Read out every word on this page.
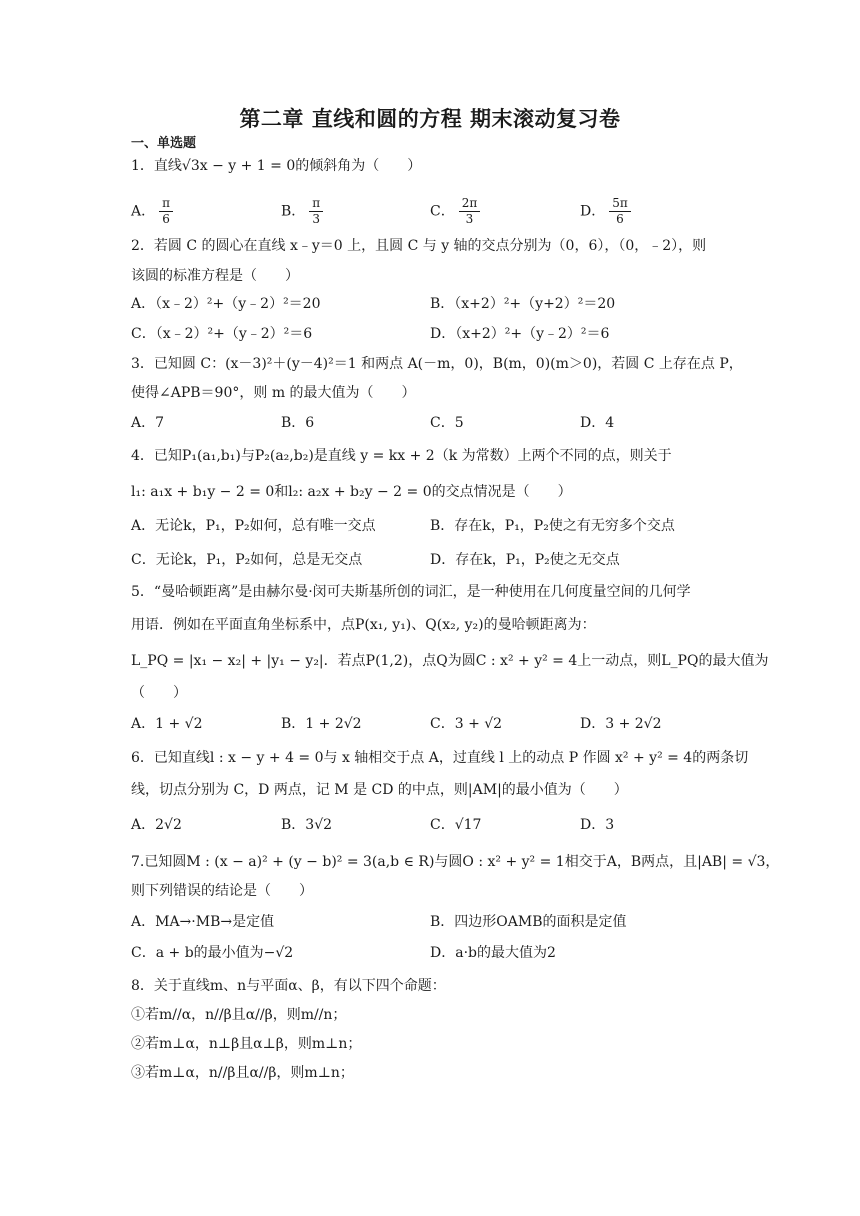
第二章 直线和圆的方程 期末滚动复习卷
一、单选题
1．直线√3x − y + 1 = 0的倾斜角为（　　）
A． $\frac{\pi}{6}$	B． $\frac{\pi}{3}$	C． $\frac{2\pi}{3}$	D． $\frac{5\pi}{6}$
2．若圆 C 的圆心在直线 x﹣y＝0 上，且圆 C 与 y 轴的交点分别为（0，6），（0，﹣2），则
该圆的标准方程是（　　）
A．（x﹣2）²+（y﹣2）²＝20	B．（x+2）²+（y+2）²＝20
C．（x﹣2）²+（y﹣2）²＝6	D．（x+2）²+（y﹣2）²＝6
3．已知圆 C：(x－3)²＋(y－4)²＝1 和两点 A(－m，0)，B(m，0)(m＞0)，若圆 C 上存在点 P，
使得∠APB＝90°，则 m 的最大值为（　　）
A．7	B．6	C．5	D．4
4．已知P₁(a₁,b₁)与P₂(a₂,b₂)是直线 y = kx + 2（k 为常数）上两个不同的点，则关于
l₁: a₁x + b₁y − 2 = 0和l₂: a₂x + b₂y − 2 = 0的交点情况是（　　）
A．无论k，P₁，P₂如何，总有唯一交点	B．存在k，P₁，P₂使之有无穷多个交点
C．无论k，P₁，P₂如何，总是无交点	D．存在k，P₁，P₂使之无交点
5．“曼哈顿距离”是由赫尔曼·闵可夫斯基所创的词汇，是一种使用在几何度量空间的几何学
用语．例如在平面直角坐标系中，点P(x₁, y₁)、Q(x₂, y₂)的曼哈顿距离为：
L_PQ = |x₁ − x₂| + |y₁ − y₂|．若点P(1,2)，点Q为圆C : x² + y² = 4上一动点，则L_PQ的最大值为
（　　）
A．1 + √2	B．1 + 2√2	C．3 + √2	D．3 + 2√2
6．已知直线l : x − y + 4 = 0与 x 轴相交于点 A，过直线 l 上的动点 P 作圆 x² + y² = 4的两条切
线，切点分别为 C，D 两点，记 M 是 CD 的中点，则|AM|的最小值为（　　）
A．2√2	B．3√2	C．√17	D．3
7.已知圆M : (x − a)² + (y − b)² = 3(a,b ∈ R)与圆O : x² + y² = 1相交于A，B两点，且|AB| = √3，
则下列错误的结论是（　　）
A．MA→·MB→是定值	B．四边形OAMB的面积是定值
C．a + b的最小值为−√2	D．a·b的最大值为2
8．关于直线m、n与平面α、β，有以下四个命题：
①若m//α，n//β且α//β，则m//n；
②若m⊥α，n⊥β且α⊥β，则m⊥n；
③若m⊥α，n//β且α//β，则m⊥n；
